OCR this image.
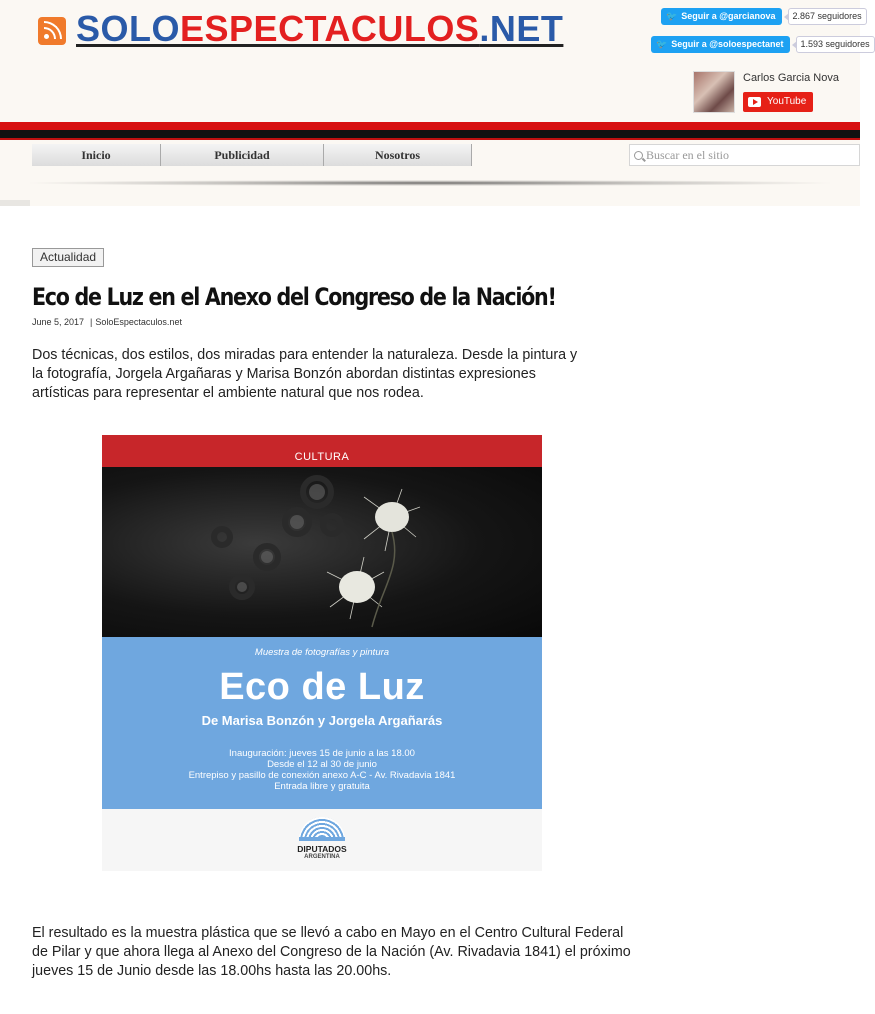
SOLOESPECTACULOS.NET	🐦 Seguir a @garcianova	2.867 seguidores
🐦 Seguir a @soloespectanet	1.593 seguidores
Carlos Garcia Nova
YouTube
Inicio	Publicidad	Nosotros	Buscar en el sitio
Actualidad
Eco de Luz en el Anexo del Congreso de la Nación!
June 5, 2017 | SoloEspectaculos.net
Dos técnicas, dos estilos, dos miradas para entender la naturaleza. Desde la pintura y la fotografía, Jorgela Argañaras y Marisa Bonzón abordan distintas expresiones artísticas para representar el ambiente natural que nos rodea.
CULTURA
Muestra de fotografías y pintura
Eco de Luz
De Marisa Bonzón y Jorgela Argañarás
Inauguración: jueves 15 de junio a las 18.00
Desde el 12 al 30 de junio
Entrepiso y pasillo de conexión anexo A-C - Av. Rivadavia 1841
Entrada libre y gratuita
DIPUTADOS
ARGENTINA
El resultado es la muestra plástica que se llevó a cabo en Mayo en el Centro Cultural Federal de Pilar y que ahora llega al Anexo del Congreso de la Nación (Av. Rivadavia 1841) el próximo jueves 15 de Junio desde las 18.00hs hasta las 20.00hs.
